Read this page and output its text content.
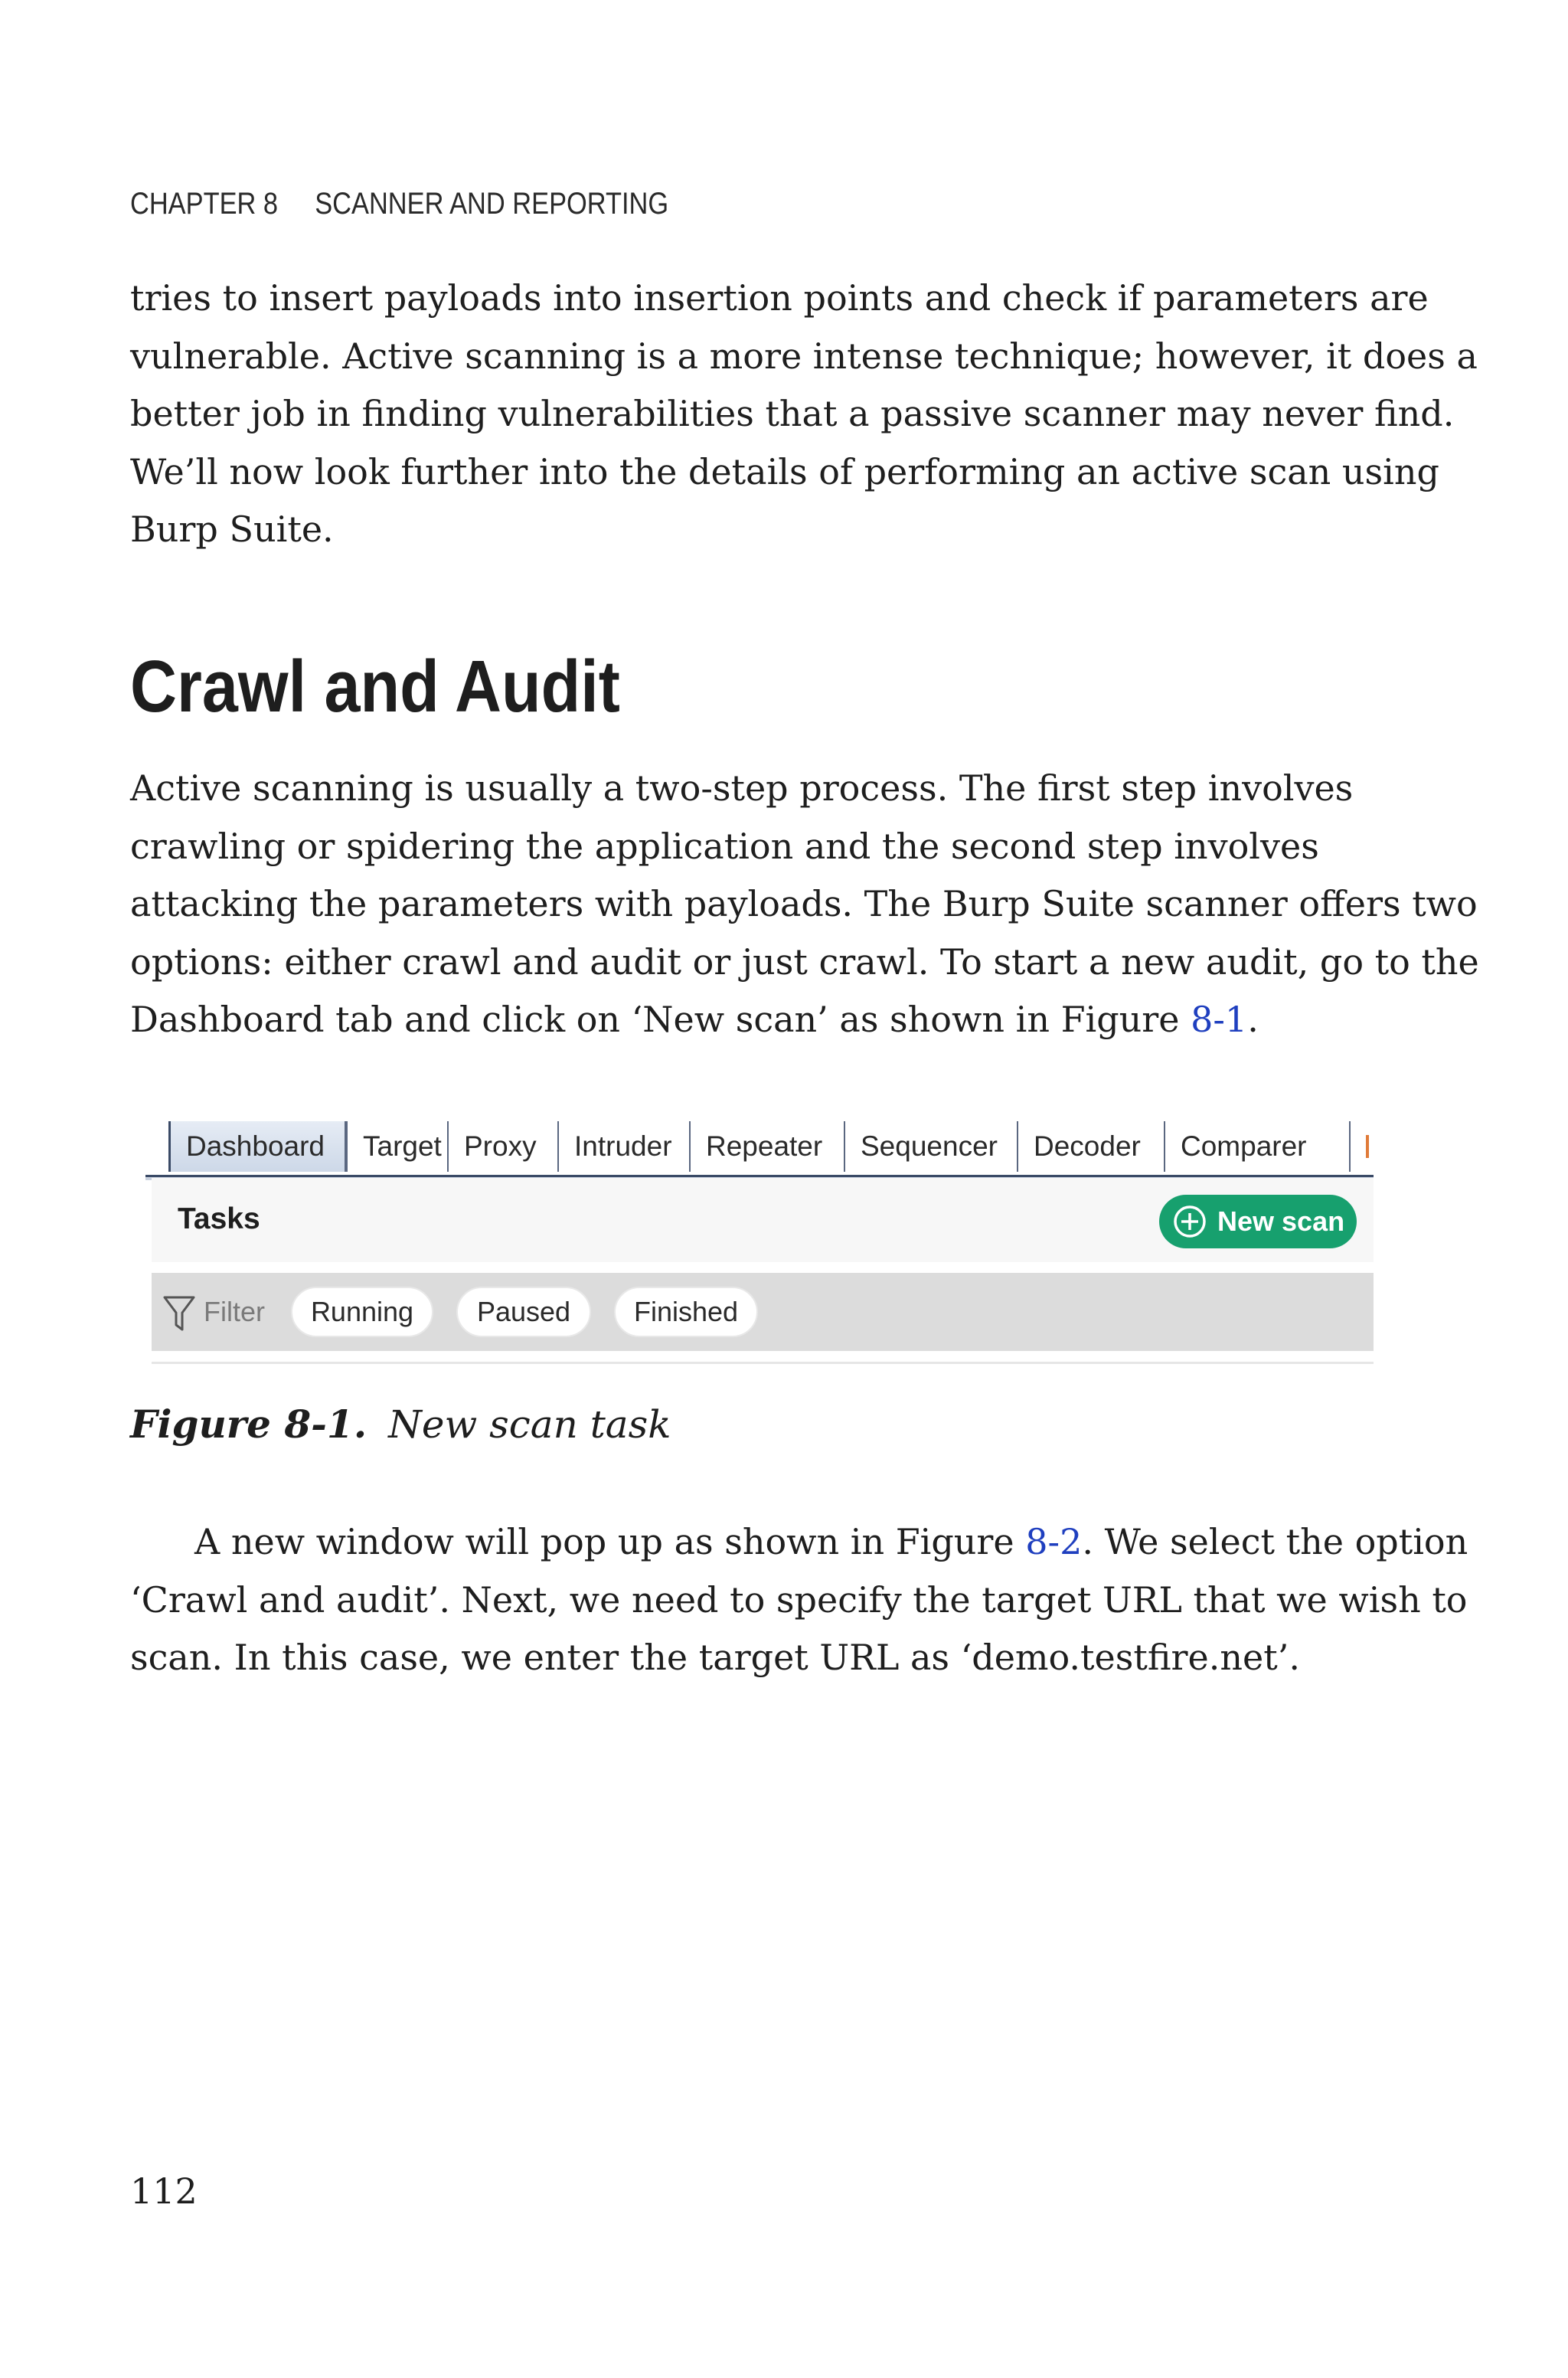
CHAPTER 8 SCANNER AND REPORTING

tries to insert payloads into insertion points and check if parameters are
vulnerable. Active scanning is a more intense technique; however, it does a
better job in finding vulnerabilities that a passive scanner may never find.
We’ll now look further into the details of performing an active scan using
Burp Suite.

Crawl and Audit

Active scanning is usually a two-step process. The first step involves
crawling or spidering the application and the second step involves
attacking the parameters with payloads. The Burp Suite scanner offers two
options: either crawl and audit or just crawl. To start a new audit, go to the
Dashboard tab and click on ‘New scan’ as shown in Figure 8-1.

Dashboard	Target Proxy	Intruder	Repeater	Sequencer	Decoder	Comparer
Tasks	New scan
Filter	Running	Paused	Finished

Figure 8-1. New scan task

A new window will pop up as shown in Figure 8-2. We select the option
‘Crawl and audit’. Next, we need to specify the target URL that we wish to
scan. In this case, we enter the target URL as ‘demo.testfire.net’.

112
